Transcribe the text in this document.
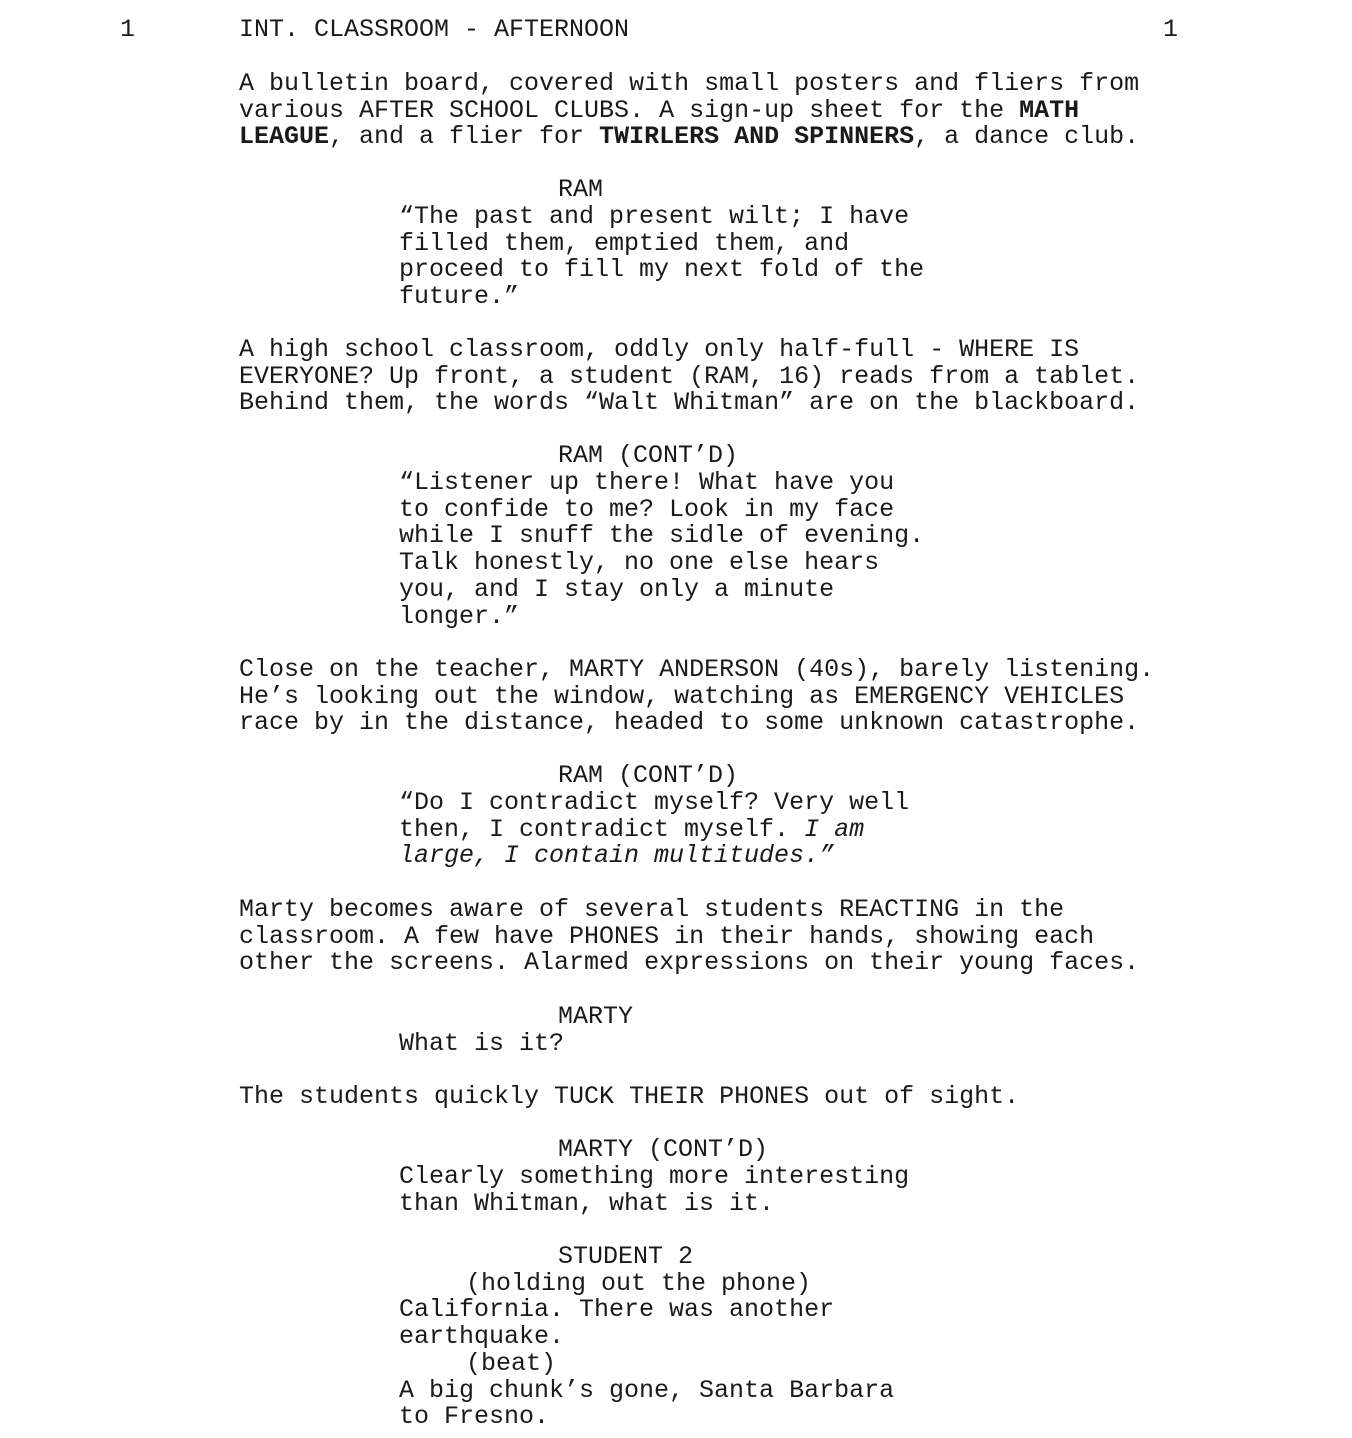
1	INT. CLASSROOM - AFTERNOON	1
A bulletin board, covered with small posters and fliers from
various AFTER SCHOOL CLUBS. A sign-up sheet for the MATH
LEAGUE, and a flier for TWIRLERS AND SPINNERS, a dance club.
RAM
“The past and present wilt; I have
filled them, emptied them, and
proceed to fill my next fold of the
future.”
A high school classroom, oddly only half-full - WHERE IS
EVERYONE? Up front, a student (RAM, 16) reads from a tablet.
Behind them, the words “Walt Whitman” are on the blackboard.
RAM (CONT’D)
“Listener up there! What have you
to confide to me? Look in my face
while I snuff the sidle of evening.
Talk honestly, no one else hears
you, and I stay only a minute
longer.”
Close on the teacher, MARTY ANDERSON (40s), barely listening.
He’s looking out the window, watching as EMERGENCY VEHICLES
race by in the distance, headed to some unknown catastrophe.
RAM (CONT’D)
“Do I contradict myself? Very well
then, I contradict myself. I am
large, I contain multitudes.”
Marty becomes aware of several students REACTING in the
classroom. A few have PHONES in their hands, showing each
other the screens. Alarmed expressions on their young faces.
MARTY
What is it?
The students quickly TUCK THEIR PHONES out of sight.
MARTY (CONT’D)
Clearly something more interesting
than Whitman, what is it.
STUDENT 2
(holding out the phone)
California. There was another
earthquake.
(beat)
A big chunk’s gone, Santa Barbara
to Fresno.
